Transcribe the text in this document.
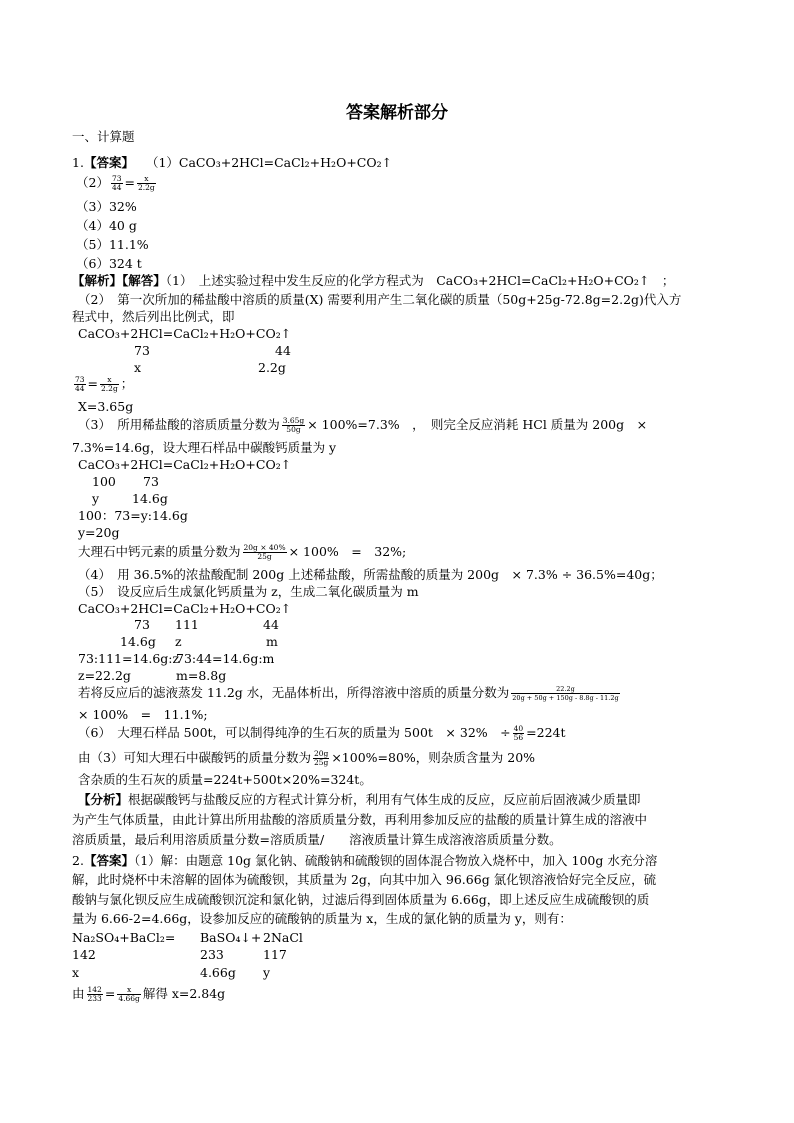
答案解析部分
一、计算题
1.【答案】 （1）CaCO₃+2HCl=CaCl₂+H₂O+CO₂↑
$(2) \frac{73}{44} = \frac{x}{2.2g}$
（3）32%
（4）40 g
（5）11.1%
（6）324 t
【解析】【解答】（1）　上述实验过程中发生反应的化学方程式为　CaCO₃+2HCl=CaCl₂+H₂O+CO₂↑　；
（2）　第一次所加的稀盐酸中溶质的质量(X) 需要利用产生二氧化碳的质量（50g+25g-72.8g=2.2g)代入方
程式中，然后列出比例式，即
CaCO₃+2HCl=CaCl₂+H₂O+CO₂↑
73	44
x	2.2g
$\frac{73}{44} = \frac{x}{2.2g}$ ；
X=3.65g
（3）　所用稀盐酸的溶质质量分数为 $\frac{3.65g}{50g} \times 100\%=7.3\%$　，　则完全反应消耗 HCl 质量为 200g　×
7.3%=14.6g，设大理石样品中碳酸钙质量为 y
CaCO₃+2HCl=CaCl₂+H₂O+CO₂↑
100 73
y	14.6g
100：73=y:14.6g
y=20g
大理石中钙元素的质量分数为 $\frac{20g \times 40\%}{25g} \times 100\%$　=　32%;
（4）　用 36.5%的浓盐酸配制 200g 上述稀盐酸，所需盐酸的质量为 200g　× 7.3% ÷ 36.5%=40g；
（5）　设反应后生成氯化钙质量为 z，生成二氧化碳质量为 m
CaCO₃+2HCl=CaCl₂+H₂O+CO₂↑
73 111	44
14.6g z	m
73:111=14.6g:z
73:44=14.6g:m
z=22.2g	m=8.8g
若将反应后的滤液蒸发 11.2g 水，无晶体析出，所得溶液中溶质的质量分数为 $\frac{22.2g}{20g + 50g + 150g - 8.8g - 11.2g}$
× 100%　=　11.1%;
（6）　大理石样品 500t，可以制得纯净的生石灰的质量为 500t　× 32%　÷ $\frac{40}{56} =224t$
由（3）可知大理石中碳酸钙的质量分数为 $\frac{20g}{25g} \times 100\%=80\%$，则杂质含量为 20%
含杂质的生石灰的质量=224t+500t×20%=324t。
【分析】根据碳酸钙与盐酸反应的方程式计算分析，利用有气体生成的反应，反应前后固液减少质量即
为产生气体质量，由此计算出所用盐酸的溶质质量分数，再利用参加反应的盐酸的质量计算生成的溶液中
溶质质量，最后利用溶质质量分数=溶质质量/　　溶液质量计算生成溶液溶质质量分数。
2.【答案】（1）解：由题意 10g 氯化钠、硫酸钠和硫酸钡的固体混合物放入烧杯中，加入 100g 水充分溶
解，此时烧杯中未溶解的固体为硫酸钡，其质量为 2g，向其中加入 96.66g 氯化钡溶液恰好完全反应，硫
酸钠与氯化钡反应生成硫酸钡沉淀和氯化钠，过滤后得到固体质量为 6.66g，即上述反应生成硫酸钡的质
量为 6.66-2=4.66g，设参加反应的硫酸钠的质量为 x，生成的氯化钠的质量为 y，则有：
Na₂SO₄+BaCl₂= BaSO₄↓+ 2NaCl
142	233	117
x	4.66g y
由 $\frac{142}{233} = \frac{x}{4.66g}$ 解得 x=2.84g
